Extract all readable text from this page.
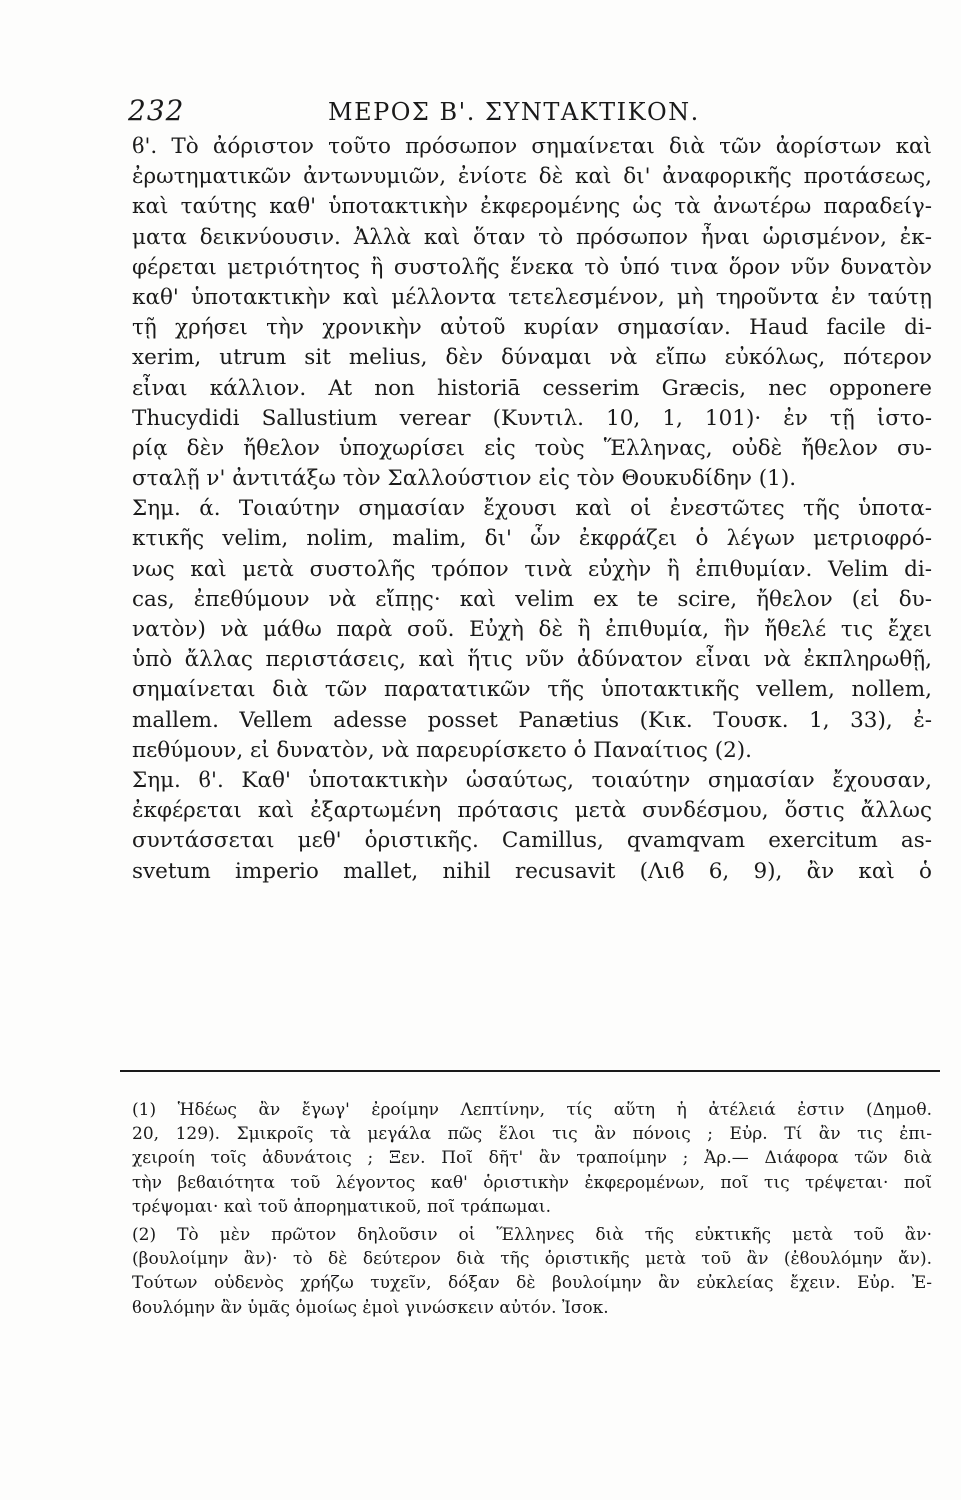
232	ΜΕΡΟΣ Β'. ΣΥΝΤΑΚΤΙΚΟΝ.
ϐ'. Τὸ ἀόριστον τοῦτο πρόσωπον σημαίνεται διὰ τῶν ἀορίστων καὶ
ἐρωτηματικῶν ἀντωνυμιῶν, ἐνίοτε δὲ καὶ δι' ἀναφορικῆς προτάσεως,
καὶ ταύτης καθ' ὑποτακτικὴν ἐκφερομένης ὡς τὰ ἀνωτέρω παραδείγ-
ματα δεικνύουσιν. Ἀλλὰ καὶ ὅταν τὸ πρόσωπον ἦναι ὡρισμένον, ἐκ-
φέρεται μετριότητος ἢ συστολῆς ἕνεκα τὸ ὑπό τινα ὅρον νῦν δυνατὸν
καθ' ὑποτακτικὴν καὶ μέλλοντα τετελεσμένον, μὴ τηροῦντα ἐν ταύτῃ
τῇ χρήσει τὴν χρονικὴν αὐτοῦ κυρίαν σημασίαν. Haud facile di-
xerim, utrum sit melius, δὲν δύναμαι νὰ εἴπω εὐκόλως, πότερον
εἶναι κάλλιον. At non historiā cesserim Græcis, nec opponere
Thucydidi Sallustium verear (Κυντιλ. 10, 1, 101)· ἐν τῇ ἱστο-
ρίᾳ δὲν ἤθελον ὑποχωρίσει εἰς τοὺς Ἕλληνας, οὐδὲ ἤθελον συ-
σταλῇ ν' ἀντιτάξω τὸν Σαλλούστιον εἰς τὸν Θουκυδίδην (1).
Σημ. ά. Τοιαύτην σημασίαν ἔχουσι καὶ οἱ ἐνεστῶτες τῆς ὑποτα-
κτικῆς velim, nolim, malim, δι' ὧν ἐκφράζει ὁ λέγων μετριοφρό-
νως καὶ μετὰ συστολῆς τρόπον τινὰ εὐχὴν ἢ ἐπιθυμίαν. Velim di-
cas, ἐπεθύμουν νὰ εἴπῃς· καὶ velim ex te scire, ἤθελον (εἰ δυ-
νατὸν) νὰ μάθω παρὰ σοῦ. Εὐχὴ δὲ ἢ ἐπιθυμία, ἣν ἤθελέ τις ἔχει
ὑπὸ ἄλλας περιστάσεις, καὶ ἥτις νῦν ἀδύνατον εἶναι νὰ ἐκπληρωθῇ,
σημαίνεται διὰ τῶν παρατατικῶν τῆς ὑποτακτικῆς vellem, nollem,
mallem. Vellem adesse posset Panætius (Κικ. Τουσκ. 1, 33), ἐ-
πεθύμουν, εἰ δυνατὸν, νὰ παρευρίσκετο ὁ Παναίτιος (2).
Σημ. ϐ'. Καθ' ὑποτακτικὴν ὡσαύτως, τοιαύτην σημασίαν ἔχουσαν,
ἐκφέρεται καὶ ἐξαρτωμένη πρότασις μετὰ συνδέσμου, ὅστις ἄλλως
συντάσσεται μεθ' ὁριστικῆς. Camillus, qvamqvam exercitum as-
svetum imperio mallet, nihil recusavit (Λιϐ 6, 9), ἂν καὶ ὁ
(1) Ἡδέως ἂν ἔγωγ' ἐροίμην Λεπτίνην, τίς αὕτη ἡ ἀτέλειά ἐστιν (Δημοθ.
20, 129). Σμικροῖς τὰ μεγάλα πῶς ἕλοι τις ἂν πόνοις ; Εὐρ. Τί ἂν τις ἐπι-
χειροίη τοῖς ἀδυνάτοις ; Ξεν. Ποῖ δῆτ' ἂν τραποίμην ; Ἀρ.— Διάφορα τῶν διὰ
τὴν βεϐαιότητα τοῦ λέγοντος καθ' ὁριστικὴν ἐκφερομένων, ποῖ τις τρέψεται· ποῖ
τρέψομαι· καὶ τοῦ ἀπορηματικοῦ, ποῖ τράπωμαι.
(2) Τὸ μὲν πρῶτον δηλοῦσιν οἱ Ἕλληνες διὰ τῆς εὐκτικῆς μετὰ τοῦ ἂν·
(βουλοίμην ἂν)· τὸ δὲ δεύτερον διὰ τῆς ὁριστικῆς μετὰ τοῦ ἂν (ἐϐουλόμην ἄν).
Τούτων οὐδενὸς χρήζω τυχεῖν, δόξαν δὲ βουλοίμην ἂν εὐκλείας ἔχειν. Εὐρ. Ἐ-
ϐουλόμην ἂν ὑμᾶς ὁμοίως ἐμοὶ γινώσκειν αὐτόν. Ἰσοκ.
